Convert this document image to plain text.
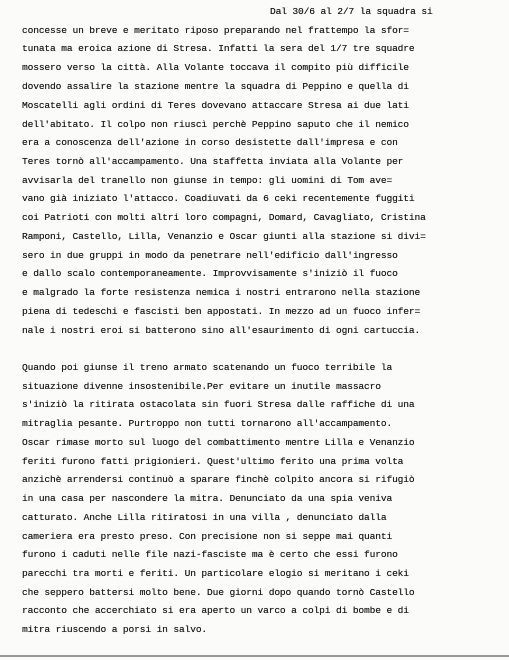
Dal 30/6 al 2/7 la squadra si
concesse un breve e meritato riposo preparando nel frattempo la sfor=
tunata ma eroica azione di Stresa. Infatti la sera del 1/7 tre squadre
mossero verso la città. Alla Volante toccava il compito più difficile
dovendo assalire la stazione mentre la squadra di Peppino e quella di
Moscatelli agli ordini di Teres dovevano attaccare Stresa ai due lati
dell'abitato. Il colpo non riuscì perchè Peppino saputo che il nemico
era a conoscenza dell'azione in corso desistette dall'impresa e con
Teres tornò all'accampamento. Una staffetta inviata alla Volante per
avvisarla del tranello non giunse in tempo: gli uomini di Tom ave=
vano già iniziato l'attacco. Coadiuvati da 6 ceki recentemente fuggiti
coi Patrioti con molti altri loro compagni, Domard, Cavagliato, Cristina
Ramponi, Castello, Lilla, Venanzio e Oscar giunti alla stazione si divi=
sero in due gruppi in modo da penetrare nell'edificio dall'ingresso
e dallo scalo contemporaneamente. Improvvisamente s'iniziò il fuoco
e malgrado la forte resistenza nemica i nostri entrarono nella stazione
piena di tedeschi e fascisti ben appostati. In mezzo ad un fuoco infer=
nale i nostri eroi si batterono sino all'esaurimento di ogni cartuccia.
Quando poi giunse il treno armato scatenando un fuoco terribile la
situazione divenne insostenibile.Per evitare un inutile massacro
s'iniziò la ritirata ostacolata sin fuori Stresa dalle raffiche di una
mitraglia pesante. Purtroppo non tutti tornarono all'accampamento.
Oscar rimase morto sul luogo del combattimento mentre Lilla e Venanzio
feriti furono fatti prigionieri. Quest'ultimo ferito una prima volta
anzichè arrendersi continuò a sparare finchè colpito ancora si rifugiò
in una casa per nascondere la mitra. Denunciato da una spia veniva
catturato. Anche Lilla ritiratosi in una villa , denunciato dalla
cameriera era presto preso. Con precisione non si seppe mai quanti
furono i caduti nelle file nazi-fasciste ma è certo che essi furono
parecchi tra morti e feriti. Un particolare elogio si meritano i ceki
che seppero battersi molto bene. Due giorni dopo quando tornò Castello
racconto che accerchiato si era aperto un varco a colpi di bombe e di
mitra riuscendo a porsi in salvo.
